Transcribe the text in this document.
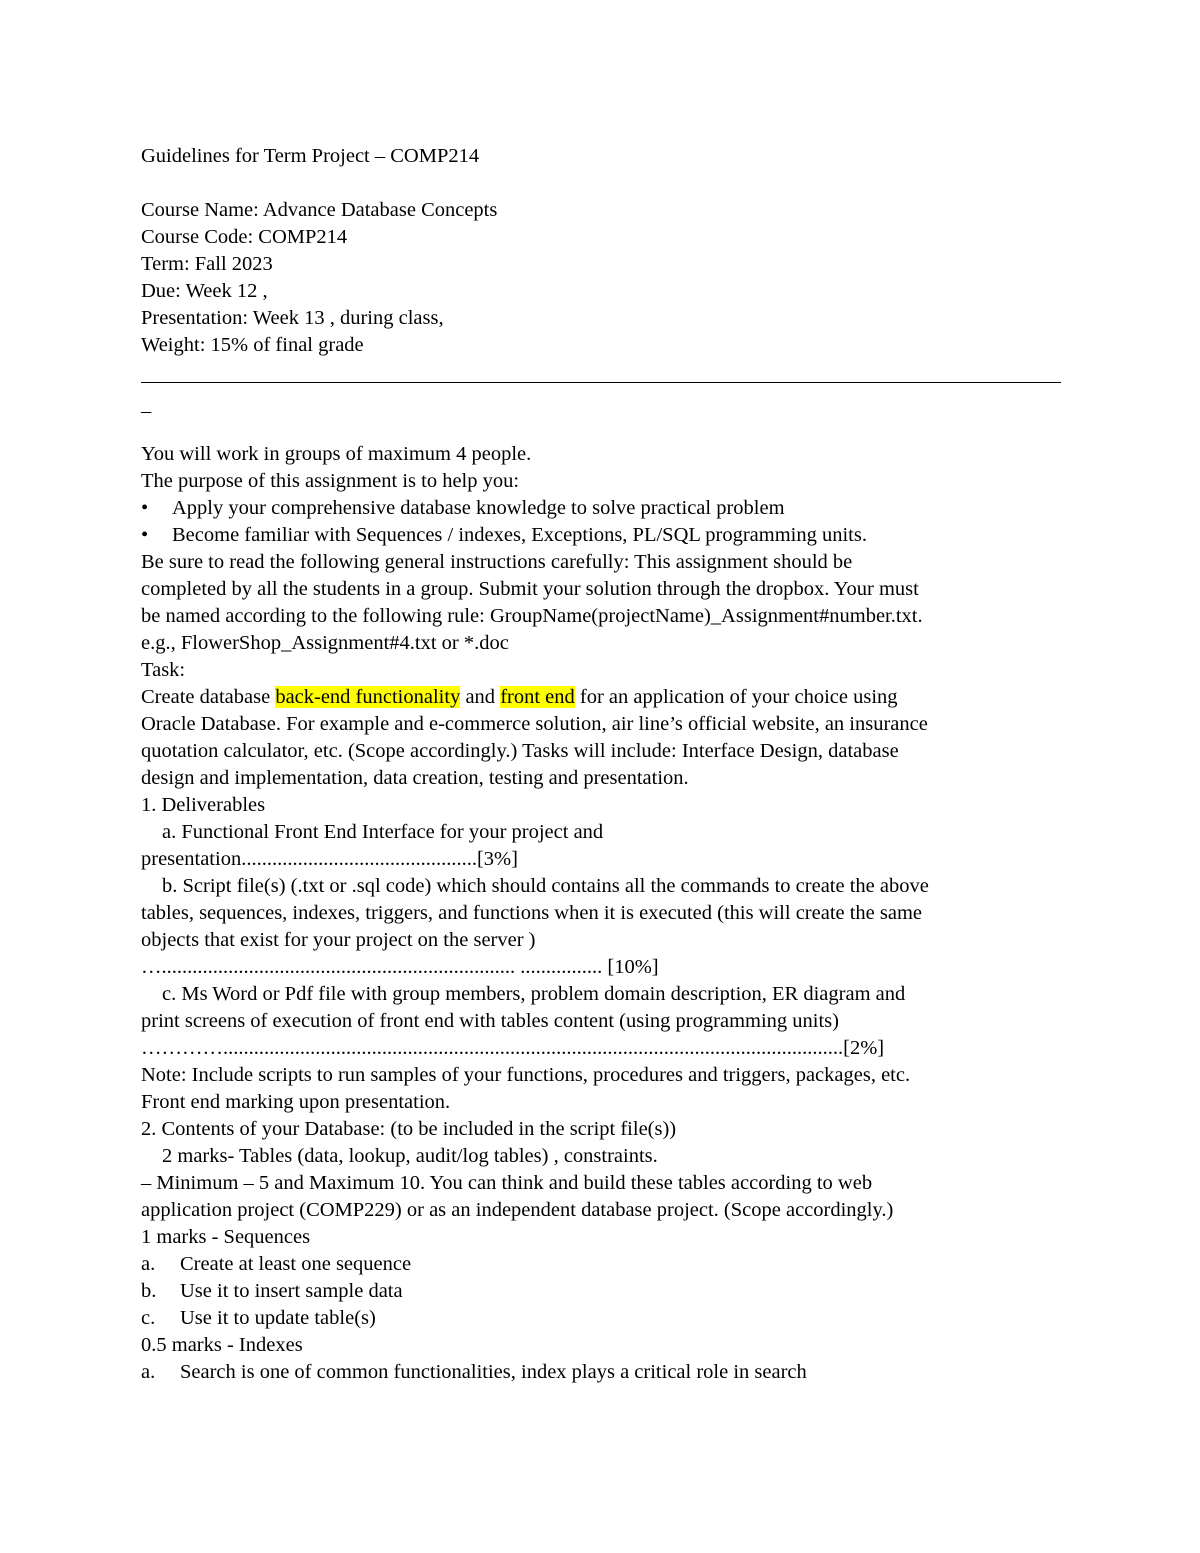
Guidelines for Term Project – COMP214

Course Name: Advance Database Concepts

Course Code: COMP214

Term: Fall 2023

Due: Week 12 ,

Presentation: Week 13 , during class,

Weight: 15% of final grade

–

You will work in groups of maximum 4 people.

The purpose of this assignment is to help you:

• Apply your comprehensive database knowledge to solve practical problem

• Become familiar with Sequences / indexes, Exceptions, PL/SQL programming units.

Be sure to read the following general instructions carefully: This assignment should be

completed by all the students in a group. Submit your solution through the dropbox. Your must

be named according to the following rule: GroupName(projectName)_Assignment#number.txt.

e.g., FlowerShop_Assignment#4.txt or *.doc

Task:

Create database back-end functionality and front end for an application of your choice using

Oracle Database. For example and e-commerce solution, air line’s official website, an insurance

quotation calculator, etc. (Scope accordingly.) Tasks will include: Interface Design, database

design and implementation, data creation, testing and presentation.

1. Deliverables

a. Functional Front End Interface for your project and

presentation..............................................[3%]

b. Script file(s) (.txt or .sql code) which should contains all the commands to create the above

tables, sequences, indexes, triggers, and functions when it is executed (this will create the same

objects that exist for your project on the server )

…..................................................................... ................ [10%]

c. Ms Word or Pdf file with group members, problem domain description, ER diagram and

print screens of execution of front end with tables content (using programming units)

………….........................................................................................................................[2%]

Note: Include scripts to run samples of your functions, procedures and triggers, packages, etc.

Front end marking upon presentation.

2. Contents of your Database: (to be included in the script file(s))

2 marks- Tables (data, lookup, audit/log tables) , constraints.

– Minimum – 5 and Maximum 10. You can think and build these tables according to web

application project (COMP229) or as an independent database project. (Scope accordingly.)

1 marks - Sequences

a. Create at least one sequence

b. Use it to insert sample data

c. Use it to update table(s)

0.5 marks - Indexes

a. Search is one of common functionalities, index plays a critical role in search
